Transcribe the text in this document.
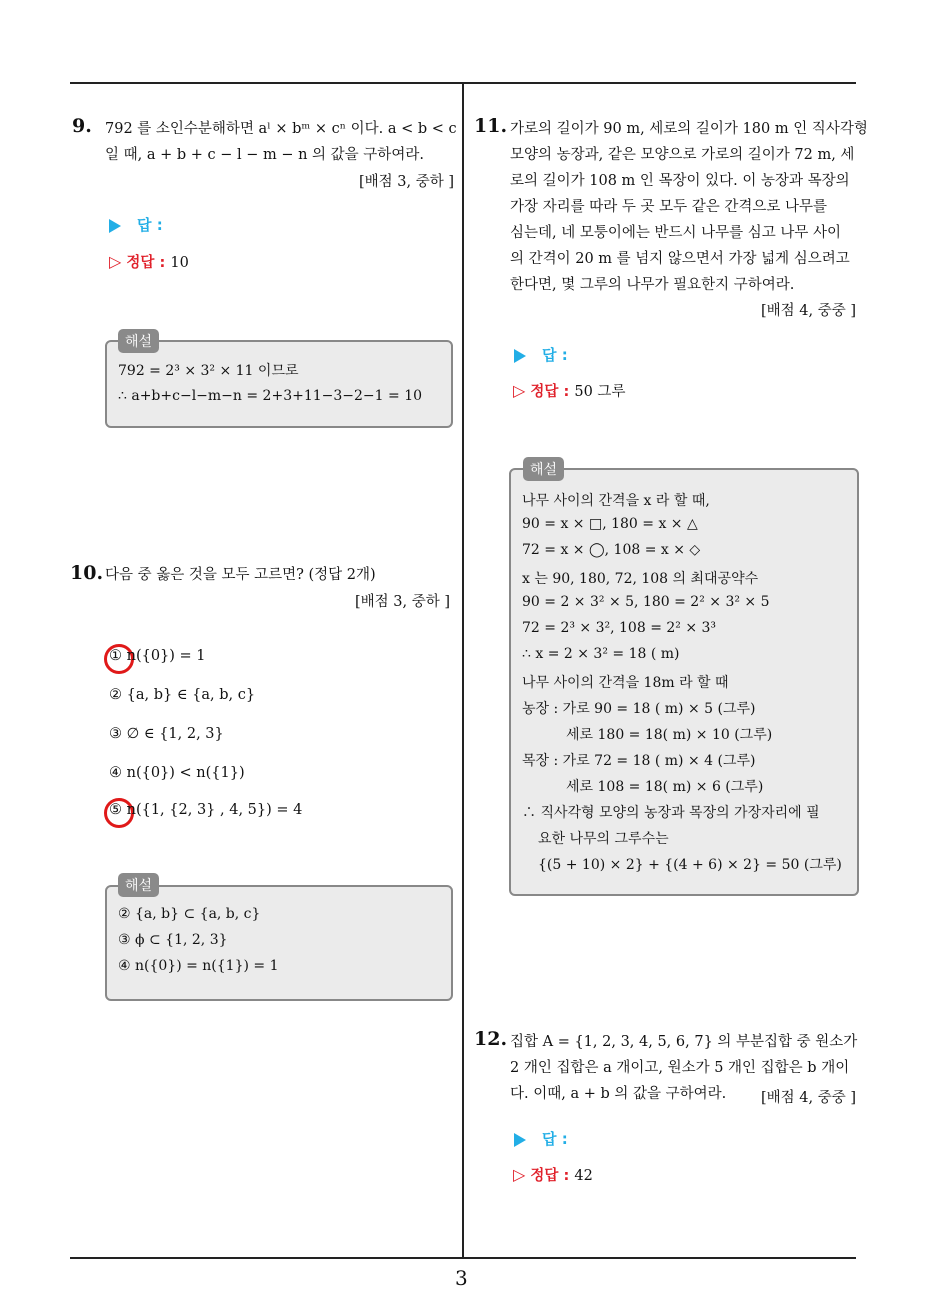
3
9. 792 를 소인수분해하면 aˡ × bᵐ × cⁿ 이다. a < b < c
일 때, a + b + c − l − m − n 의 값을 구하여라.
[배점 3, 중하 ]
답 :
▷ 정답 : 10
해설
792 = 2³ × 3² × 11 이므로
∴ a+b+c−l−m−n = 2+3+11−3−2−1 = 10
10. 다음 중 옳은 것을 모두 고르면? (정답 2개)
[배점 3, 중하 ]
① n({0}) = 1
② {a, b} ∈ {a, b, c}
③ ∅ ∈ {1, 2, 3}
④ n({0}) < n({1})
⑤ n({1, {2, 3} , 4, 5}) = 4
해설
② {a, b} ⊂ {a, b, c}
③ ϕ ⊂ {1, 2, 3}
④ n({0}) = n({1}) = 1
11. 가로의 길이가 90 m, 세로의 길이가 180 m 인 직사각형
모양의 농장과, 같은 모양으로 가로의 길이가 72 m, 세
로의 길이가 108 m 인 목장이 있다. 이 농장과 목장의
가장 자리를 따라 두 곳 모두 같은 간격으로 나무를
심는데, 네 모퉁이에는 반드시 나무를 심고 나무 사이
의 간격이 20 m 를 넘지 않으면서 가장 넓게 심으려고
한다면, 몇 그루의 나무가 필요한지 구하여라.
[배점 4, 중중 ]
답 :
▷ 정답 : 50 그루
해설
나무 사이의 간격을 x 라 할 때,
90 = x × □, 180 = x × △
72 = x × ◯, 108 = x × ◇
x 는 90, 180, 72, 108 의 최대공약수
90 = 2 × 3² × 5, 180 = 2² × 3² × 5
72 = 2³ × 3², 108 = 2² × 3³
∴ x = 2 × 3² = 18 ( m)
나무 사이의 간격을 18m 라 할 때
농장 : 가로 90 = 18 ( m) × 5 (그루)
세로 180 = 18( m) × 10 (그루)
목장 : 가로 72 = 18 ( m) × 4 (그루)
세로 108 = 18( m) × 6 (그루)
∴ 직사각형 모양의 농장과 목장의 가장자리에 필
요한 나무의 그루수는
{(5 + 10) × 2} + {(4 + 6) × 2} = 50 (그루)
12. 집합 A = {1, 2, 3, 4, 5, 6, 7} 의 부분집합 중 원소가
2 개인 집합은 a 개이고, 원소가 5 개인 집합은 b 개이
다. 이때, a + b 의 값을 구하여라. [배점 4, 중중 ]
답 :
▷ 정답 : 42
